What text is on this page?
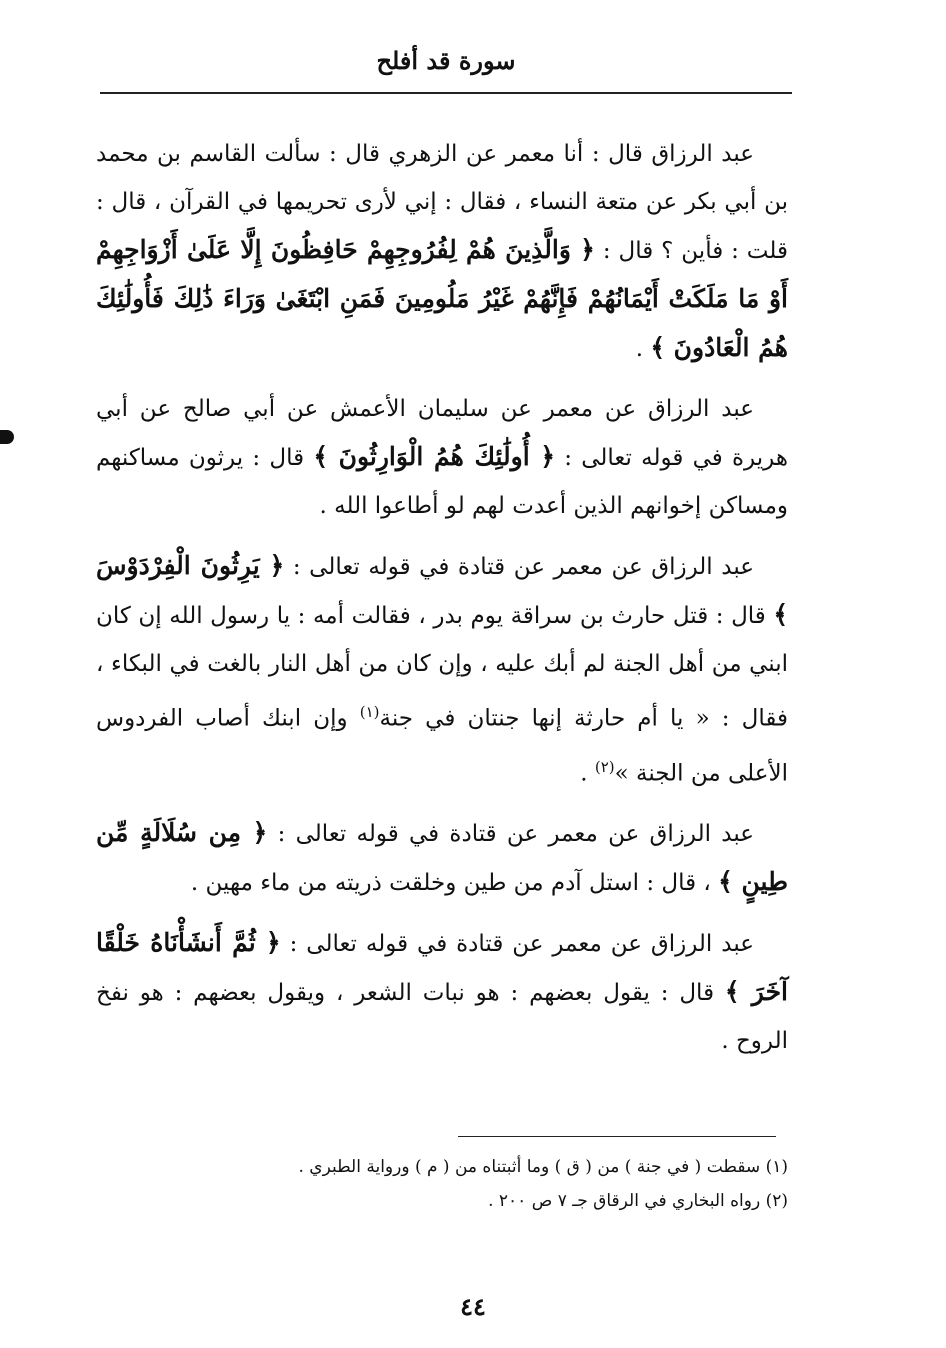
سورة قد أفلح

عبد الرزاق قال : أنا معمر عن الزهري قال : سألت القاسم بن محمد بن أبي بكر عن متعة النساء ، فقال : إني لأرى تحريمها في القرآن ، قال : قلت : فأين ؟ قال : ﴿ وَالَّذِينَ هُمْ لِفُرُوجِهِمْ حَافِظُونَ إِلَّا عَلَىٰ أَزْوَاجِهِمْ أَوْ مَا مَلَكَتْ أَيْمَانُهُمْ فَإِنَّهُمْ غَيْرُ مَلُومِينَ فَمَنِ ابْتَغَىٰ وَرَاءَ ذَٰلِكَ فَأُولَٰئِكَ هُمُ الْعَادُونَ ﴾ .

عبد الرزاق عن معمر عن سليمان الأعمش عن أبي صالح عن أبي هريرة في قوله تعالى : ﴿ أُولَٰئِكَ هُمُ الْوَارِثُونَ ﴾ قال : يرثون مساكنهم ومساكن إخوانهم الذين أعدت لهم لو أطاعوا الله .

عبد الرزاق عن معمر عن قتادة في قوله تعالى : ﴿ يَرِثُونَ الْفِرْدَوْسَ ﴾ قال : قتل حارث بن سراقة يوم بدر ، فقالت أمه : يا رسول الله إن كان ابني من أهل الجنة لم أبك عليه ، وإن كان من أهل النار بالغت في البكاء ، فقال : « يا أم حارثة إنها جنتان في جنة$^{(١)}$ وإن ابنك أصاب الفردوس الأعلى من الجنة »$^{(٢)}$ .

عبد الرزاق عن معمر عن قتادة في قوله تعالى : ﴿ مِن سُلَالَةٍ مِّن طِينٍ ﴾ ، قال : استل آدم من طين وخلقت ذريته من ماء مهين .

عبد الرزاق عن معمر عن قتادة في قوله تعالى : ﴿ ثُمَّ أَنشَأْنَاهُ خَلْقًا آخَرَ ﴾ قال : يقول بعضهم : هو نبات الشعر ، ويقول بعضهم : هو نفخ الروح .

(١) سقطت ( في جنة ) من ( ق ) وما أثبتناه من ( م ) ورواية الطبري .

(٢) رواه البخاري في الرقاق جـ ٧ ص ٢٠٠ .

٤٤
